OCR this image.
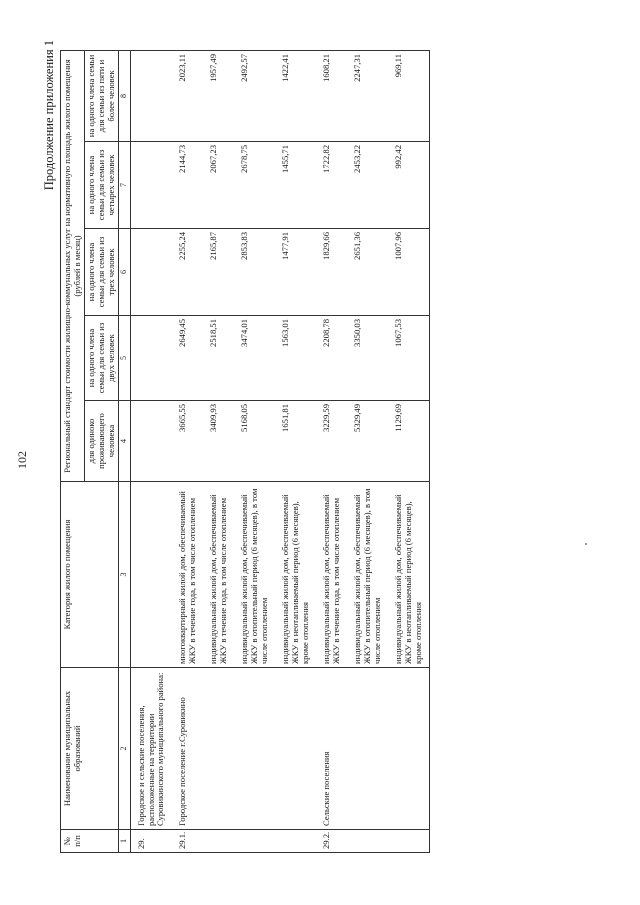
102
Продолжение приложения 1
№ п/п	Наименование муниципальных образований	Категория жилого помещения	Региональный стандарт стоимости жилищно-коммунальных услуг на нормативную площадь жилого помещения (рублей в месяц)				
			для одиноко проживающего человека	на одного члена семьи для семьи из двух человек	на одного члена семьи для семьи из трех человек	на одного члена семьи для семьи из четырех человек	на одного члена семьи для семьи из пяти и более человек
1	2	3	4	5	6	7	8
29.	Городское и сельские поселения, расположенные на территории Суровикинского муниципального района:						
29.1.	Городское поселение г.Суровикино	многоквартирный жилой дом, обеспечиваемый ЖКУ в течение года, в том числе отоплением	3665,55	2649,45	2255,24	2144,73	2023,11
		индивидуальный жилой дом, обеспечиваемый ЖКУ в течение года, в том числе отоплением	3409,93	2518,51	2165,87	2067,23	1957,49
		индивидуальный жилой дом, обеспечиваемый ЖКУ в отопительный период (6 месяцев), в том числе отоплением	5168,05	3474,01	2853,83	2678,75	2492,57
		индивидуальный жилой дом, обеспечиваемый ЖКУ в неотапливаемый период (6 месяцев), кроме отопления	1651,81	1563,01	1477,91	1455,71	1422,41
29.2.	Сельские поселения	индивидуальный жилой дом, обеспечиваемый ЖКУ в течение года, в том числе отоплением	3229,59	2208,78	1829,66	1722,82	1608,21
		индивидуальный жилой дом, обеспечиваемый ЖКУ в отопительный период (6 месяцев), в том числе отоплением	5329,49	3350,03	2651,36	2453,22	2247,31
		индивидуальный жилой дом, обеспечиваемый ЖКУ в неотапливаемый период (6 месяцев), кроме отопления	1129,69	1067,53	1007,96	992,42	969,11
